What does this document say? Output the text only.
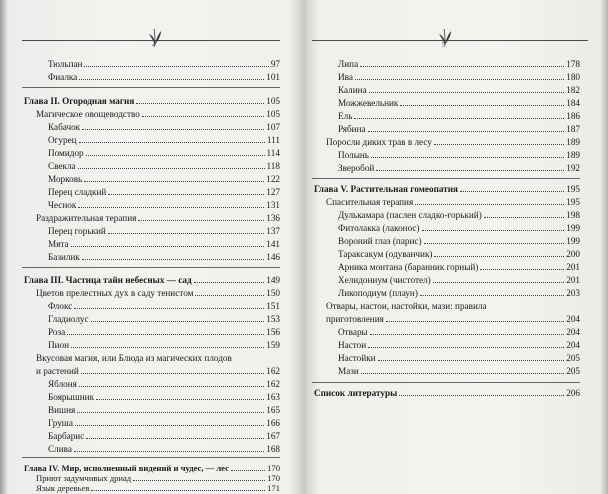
4
Тюльпан	97
Фиалка	101
Глава II. Огородная магия	105
Магическое овощеводство	105
Кабачок	107
Огурец	111
Помидор	114
Свекла	118
Морковь	122
Перец сладкий	127
Чеснок	131
Раздражительная терапия	136
Перец горький	137
Мята	141
Базилик	146
Глава III. Частица тайн небесных — сад	149
Цветов прелестных дух в саду тенистом	150
Флокс	151
Гладиолус	153
Роза	156
Пион	159
Вкусовая магия, или Блюда из магических плодов
и растений	162
Яблоня	162
Боярышник	163
Вишня	165
Груша	166
Барбарис	167
Слива	168
Глава IV. Мир, исполненный видений и чудес, — лес	170
Приют задумчивых дриад	170
Язык деревьев	171
5
Липа	178
Ива	180
Калина	182
Можжевельник	184
Ель	186
Рябина	187
Поросли диких трав в лесу	189
Полынь	189
Зверобой	192
Глава V. Растительная гомеопатия	195
Спасительная терапия	195
Дулькамара (паслен сладко-горький)	198
Фитолакка (лаконос)	199
Вороний глаз (парис)	199
Тараксакум (одуванчик)	200
Арника монтана (баранник горный)	201
Хелидониум (чистотел)	201
Ликоподиум (плаун)	203
Отвары, настои, настойки, мази: правила
приготовления	204
Отвары	204
Настои	204
Настойки	205
Мази	205
Список литературы	206
